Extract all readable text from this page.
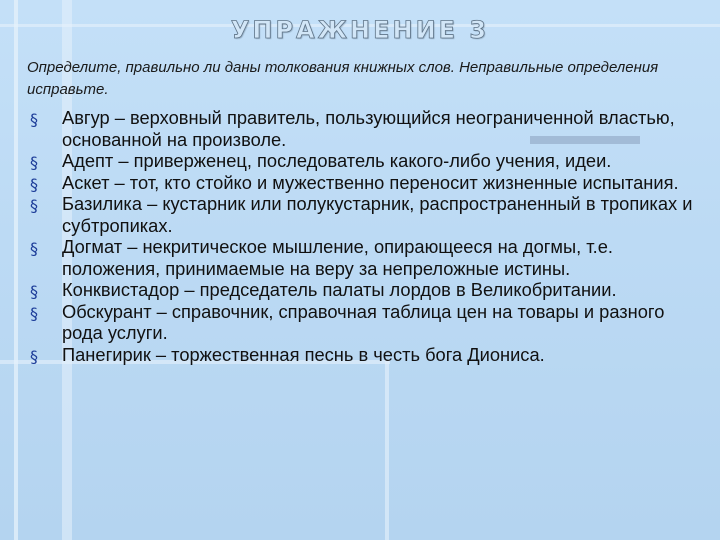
УПРАЖНЕНИЕ 3

Определите, правильно ли даны толкования книжных слов. Неправильные определения исправьте.

§ Авгур – верховный правитель, пользующийся неограниченной властью, основанной на произволе.
§ Адепт – приверженец, последователь какого-либо учения, идеи.
§ Аскет – тот, кто стойко и мужественно переносит жизненные испытания.
§ Базилика – кустарник или полукустарник, распространенный в тропиках и субтропиках.
§ Догмат – некритическое мышление, опирающееся на догмы, т.е. положения, принимаемые на веру за непреложные истины.
§ Конквистадор – председатель палаты лордов в Великобритании.
§ Обскурант – справочник, справочная таблица цен на товары и разного рода услуги.
§ Панегирик – торжественная песнь в честь бога Диониса.
